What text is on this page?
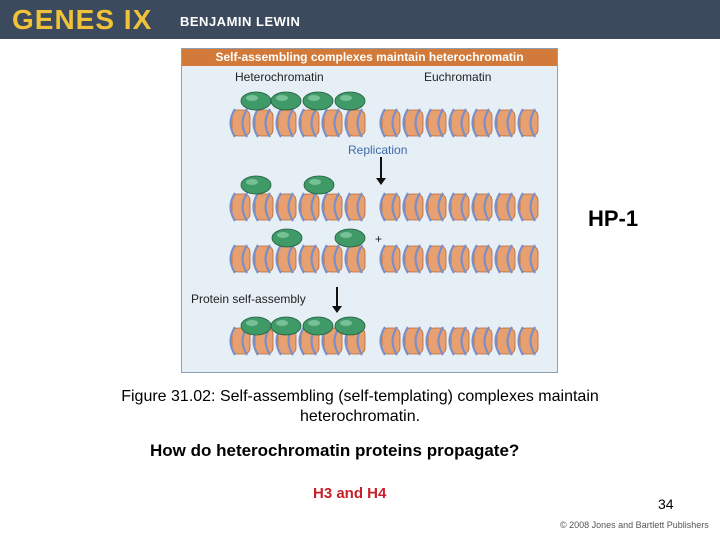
GENES IX BENJAMIN LEWIN
Self-assembling complexes maintain heterochromatin
Heterochromatin	Euchromatin
Replication
+
Protein self-assembly
HP-1
Figure 31.02: Self-assembling (self-templating) complexes maintain heterochromatin.
How do heterochromatin proteins propagate?
H3 and H4
34
© 2008 Jones and Bartlett Publishers
